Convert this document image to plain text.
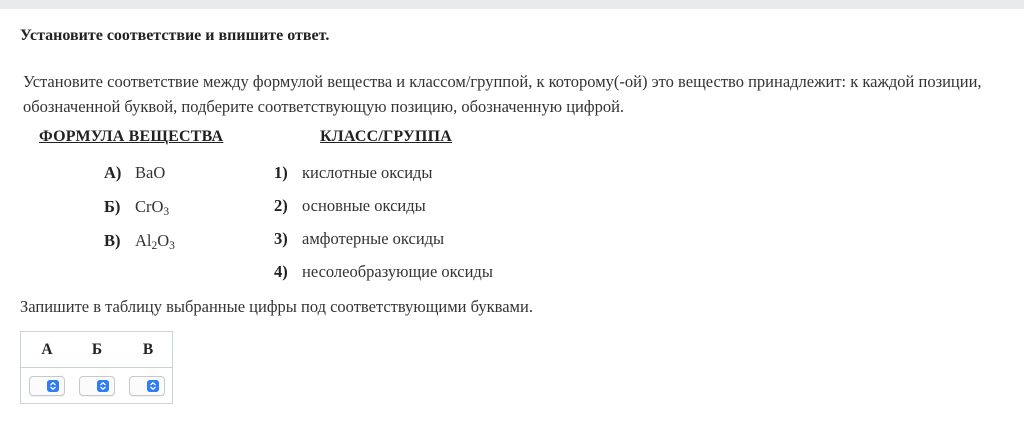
Установите соответствие и впишите ответ.
Установите соответствие между формулой вещества и классом/группой, к которому(-ой) это вещество принадлежит: к каждой позиции, обозначенной буквой, подберите соответствующую позицию, обозначенную цифрой.
ФОРМУЛА ВЕЩЕСТВА	КЛАСС/ГРУППА
А) BaO
Б) CrO$_3$
В) $Al_2O_3$
1) кислотные оксиды
2) основные оксиды
3) амфотерные оксиды
4) несолеобразующие оксиды
Запишите в таблицу выбранные цифры под соответствующими буквами.
А	Б	В
